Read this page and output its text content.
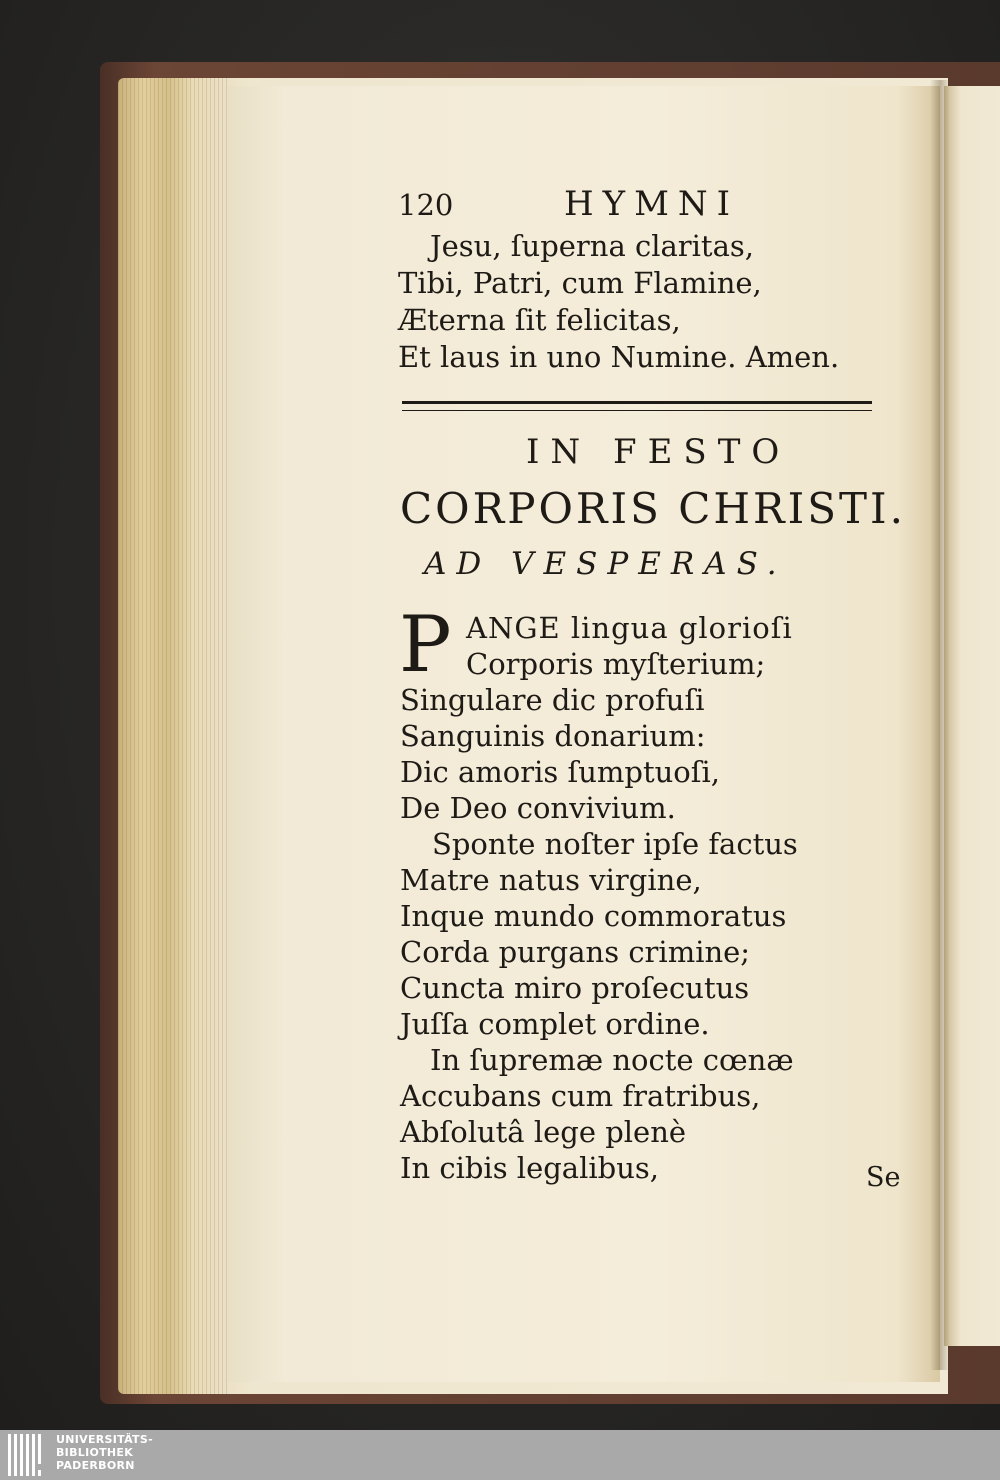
120	HYMNI
Jesu, ſuperna claritas,
Tibi, Patri, cum Flamine,
Æterna ſit felicitas,
Et laus in uno Numine. Amen.
IN FESTO
CORPORIS CHRISTI.
AD VESPERAS.
P ANGE lingua glorioſi
Corporis myſterium;
Singulare dic profuſi
Sanguinis donarium:
Dic amoris ſumptuoſi,
De Deo convivium.
Sponte noſter ipſe factus
Matre natus virgine,
Inque mundo commoratus
Corda purgans crimine;
Cuncta miro proſecutus
Juſſa complet ordine.
In ſupremæ nocte cœnæ
Accubans cum fratribus,
Abſolutâ lege plenè
In cibis legalibus,	Se
UNIVERSITÄTS-
BIBLIOTHEK
PADERBORN
